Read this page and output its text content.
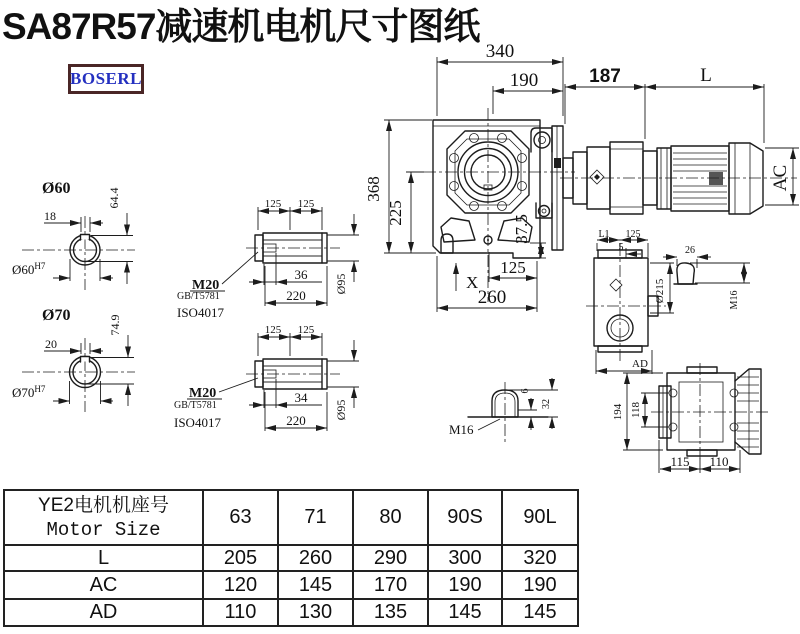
SA87R57减速机电机尺寸图纸
BOSERL
340
190	187	L
AC
368
225
37.5
X
125
260
Ø60
18
64.4
$Ø60^{H7}$
Ø70
20
74.9
$Ø70^{H7}$
125 125
M20
GB/T5781
ISO4017
36
220
Ø95
125 125
M20
GB/T5781
ISO4017
34
220
Ø95
L1 125
5
Ø215
AD
26
M16
M16
6
32	194 118
115 110
YE2电机机座号
Motor Size	63	71	80	90S	90L
L	205	260	290	300	320
AC	120	145	170	190	190
AD	110	130	135	145	145
